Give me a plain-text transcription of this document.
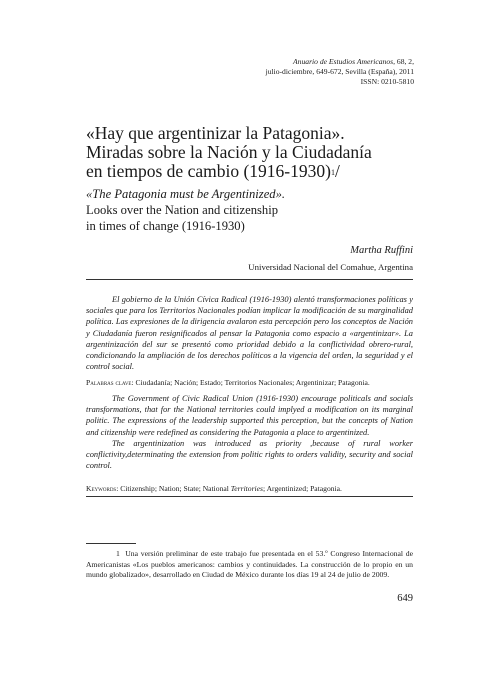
Anuario de Estudios Americanos, 68, 2,
julio-diciembre, 649-672, Sevilla (España), 2011
ISSN: 0210-5810
«Hay que argentinizar la Patagonia».
Miradas sobre la Nación y la Ciudadanía
en tiempos de cambio (1916-1930)$^1$/
«The Patagonia must be Argentinized».
Looks over the Nation and citizenship
in times of change (1916-1930)
Martha Ruffini
Universidad Nacional del Comahue, Argentina

El gobierno de la Unión Cívica Radical (1916-1930) alentó transformaciones políticas y sociales que para los Territorios Nacionales podían implicar la modificación de su marginalidad política. Las expresiones de la dirigencia avalaron esta percepción pero los conceptos de Nación y Ciudadanía fueron resignificados al pensar la Patagonia como espacio a «argentinizar». La argentinización del sur se presentó como prioridad debido a la conflictividad obrero-rural, condicionando la ampliación de los derechos políticos a la vigencia del orden, la seguridad y el control social.

Palabras clave: Ciudadanía; Nación; Estado; Territorios Nacionales; Argentinizar; Patagonia.

The Government of Civic Radical Union (1916-1930) encourage politicals and socials transformations, that for the National territories could implyed a modification on its marginal politic. The expressions of the leadership supported this perception, but the concepts of Nation and citizenship were redefined as considering the Patagonia a place to argentinized.

The argentinization was introduced as priority ,because of rural worker conflictivity,determinating the extension from politic rights to orders validity, security and social control.

Keywords: Citizenship; Nation; State; National Territories; Argentinized; Patagonia.
1 Una versión preliminar de este trabajo fue presentada en el 53.º Congreso Internacional de Americanistas «Los pueblos americanos: cambios y continuidades. La construcción de lo propio en un mundo globalizado», desarrollado en Ciudad de México durante los días 19 al 24 de julio de 2009.
649
